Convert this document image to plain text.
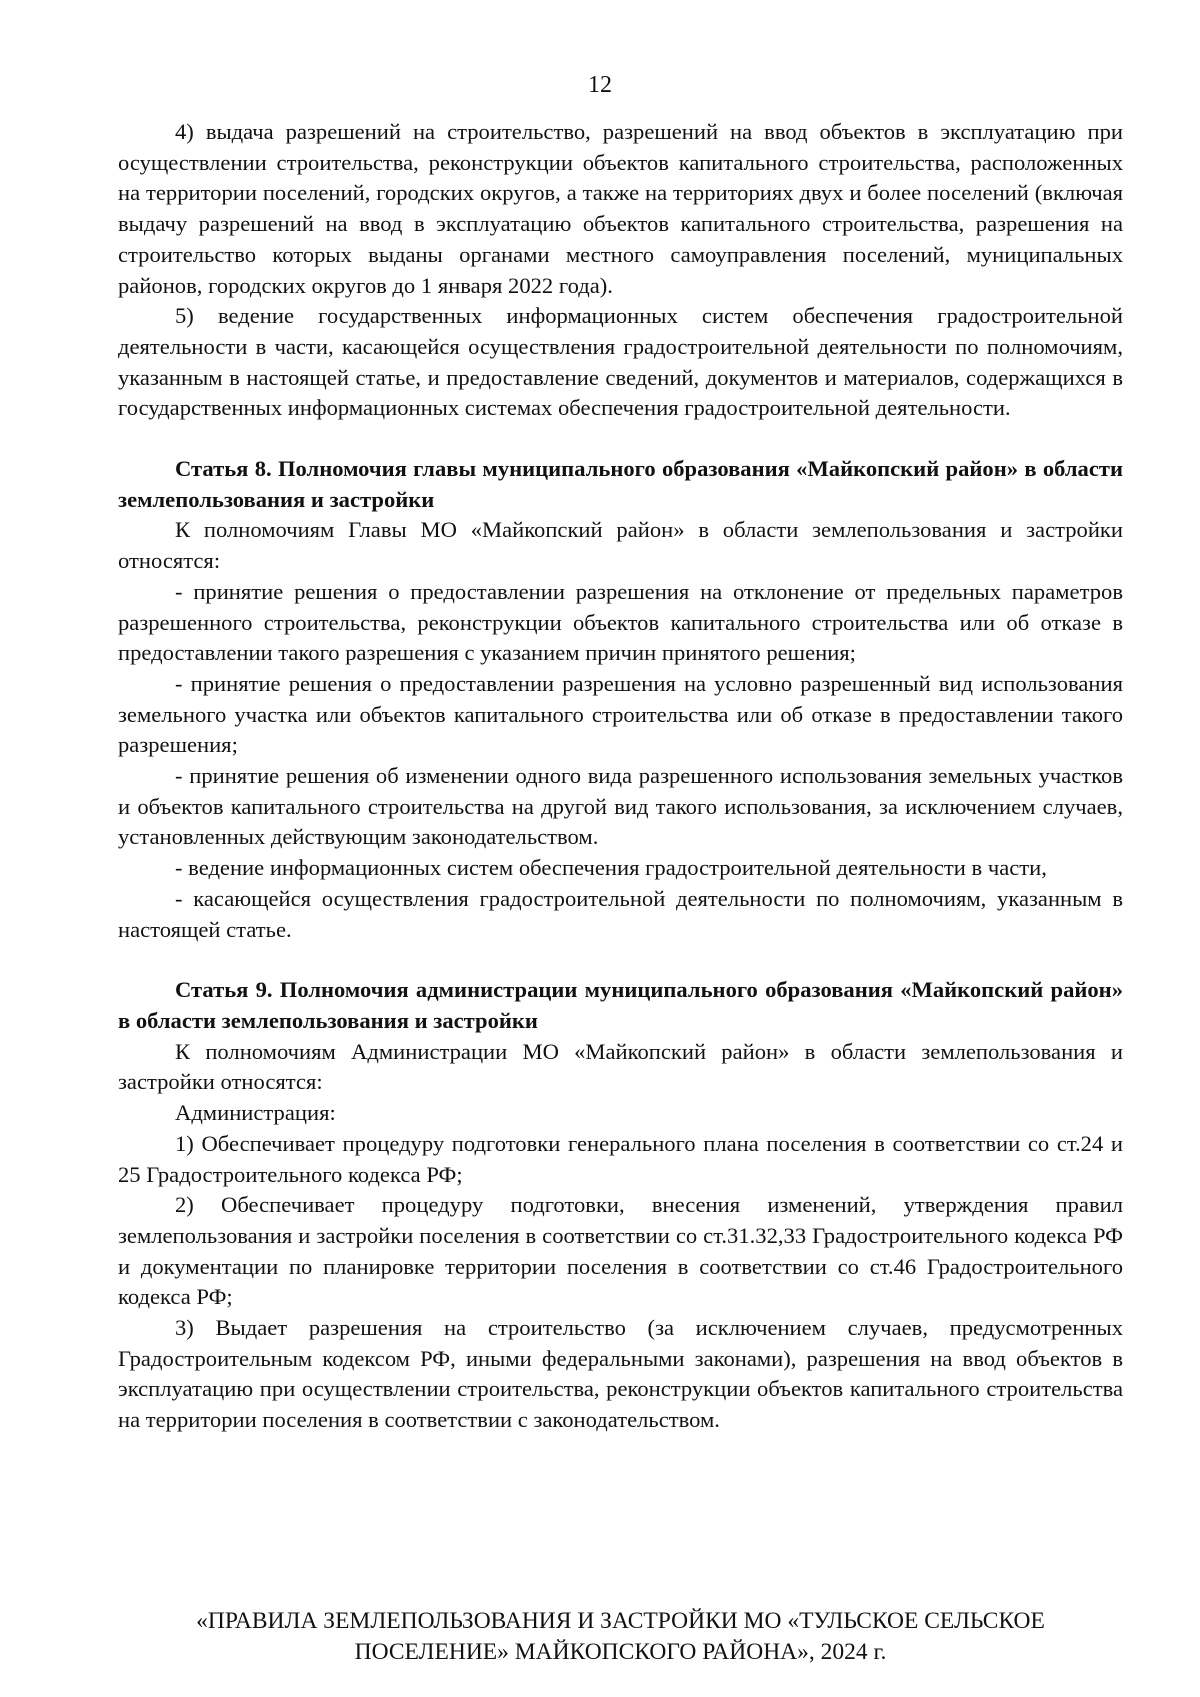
12

4) выдача разрешений на строительство, разрешений на ввод объектов в эксплуатацию при осуществлении строительства, реконструкции объектов капитального строительства, расположенных на территории поселений, городских округов, а также на территориях двух и более поселений (включая выдачу разрешений на ввод в эксплуатацию объектов капитального строительства, разрешения на строительство которых выданы органами местного самоуправления поселений, муниципальных районов, городских округов до 1 января 2022 года).

5) ведение государственных информационных систем обеспечения градостроительной деятельности в части, касающейся осуществления градостроительной деятельности по полномочиям, указанным в настоящей статье, и предоставление сведений, документов и материалов, содержащихся в государственных информационных системах обеспечения градостроительной деятельности.

Статья 8. Полномочия главы муниципального образования «Майкопский район» в области землепользования и застройки

К полномочиям Главы МО «Майкопский район» в области землепользования и застройки относятся:

- принятие решения о предоставлении разрешения на отклонение от предельных параметров разрешенного строительства, реконструкции объектов капитального строительства или об отказе в предоставлении такого разрешения с указанием причин принятого решения;

- принятие решения о предоставлении разрешения на условно разрешенный вид использования земельного участка или объектов капитального строительства или об отказе в предоставлении такого разрешения;

- принятие решения об изменении одного вида разрешенного использования земельных участков и объектов капитального строительства на другой вид такого использования, за исключением случаев, установленных действующим законодательством.

- ведение информационных систем обеспечения градостроительной деятельности в части,

- касающейся осуществления градостроительной деятельности по полномочиям, указанным в настоящей статье.

Статья 9. Полномочия администрации муниципального образования «Майкопский район» в области землепользования и застройки

К полномочиям Администрации МО «Майкопский район» в области землепользования и застройки относятся:

Администрация:

1) Обеспечивает процедуру подготовки генерального плана поселения в соответствии со ст.24 и 25 Градостроительного кодекса РФ;

2) Обеспечивает процедуру подготовки, внесения изменений, утверждения правил землепользования и застройки поселения в соответствии со ст.31.32,33 Градостроительного кодекса РФ и документации по планировке территории поселения в соответствии со ст.46 Градостроительного кодекса РФ;

3) Выдает разрешения на строительство (за исключением случаев, предусмотренных Градостроительным кодексом РФ, иными федеральными законами), разрешения на ввод объектов в эксплуатацию при осуществлении строительства, реконструкции объектов капитального строительства на территории поселения в соответствии с законодательством.

«ПРАВИЛА ЗЕМЛЕПОЛЬЗОВАНИЯ И ЗАСТРОЙКИ МО «ТУЛЬСКОЕ СЕЛЬСКОЕ
ПОСЕЛЕНИЕ» МАЙКОПСКОГО РАЙОНА», 2024 г.
